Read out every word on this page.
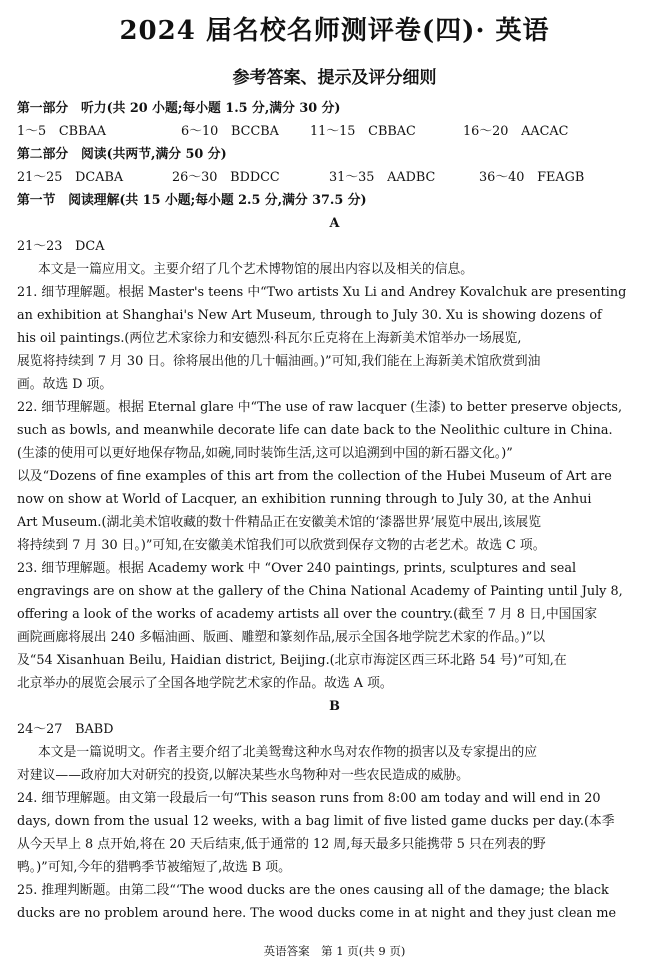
2024 届名校名师测评卷(四)· 英语
参考答案、提示及评分细则
第一部分　听力(共 20 小题;每小题 1.5 分,满分 30 分)
1～5　CBBAA	6～10　BCCBA 11～15　CBBAC	16～20　AACAC
第二部分　阅读(共两节,满分 50 分)
21～25　DCABA	26～30　BDDCC	31～35　AADBC	36～40　FEAGB
第一节　阅读理解(共 15 小题;每小题 2.5 分,满分 37.5 分)
A
21～23　DCA
本文是一篇应用文。主要介绍了几个艺术博物馆的展出内容以及相关的信息。
21. 细节理解题。根据 Master's teens 中“Two artists Xu Li and Andrey Kovalchuk are presenting
an exhibition at Shanghai's New Art Museum, through to July 30. Xu is showing dozens of
his oil paintings.(两位艺术家徐力和安德烈·科瓦尔丘克将在上海新美术馆举办一场展览,
展览将持续到 7 月 30 日。徐将展出他的几十幅油画。)”可知,我们能在上海新美术馆欣赏到油
画。故选 D 项。
22. 细节理解题。根据 Eternal glare 中“The use of raw lacquer (生漆) to better preserve objects,
such as bowls, and meanwhile decorate life can date back to the Neolithic culture in China.
(生漆的使用可以更好地保存物品,如碗,同时装饰生活,这可以追溯到中国的新石器文化。)”
以及“Dozens of fine examples of this art from the collection of the Hubei Museum of Art are
now on show at World of Lacquer, an exhibition running through to July 30, at the Anhui
Art Museum.(湖北美术馆收藏的数十件精品正在安徽美术馆的‘漆器世界’展览中展出,该展览
将持续到 7 月 30 日。)”可知,在安徽美术馆我们可以欣赏到保存文物的古老艺术。故选 C 项。
23. 细节理解题。根据 Academy work 中 “Over 240 paintings, prints, sculptures and seal
engravings are on show at the gallery of the China National Academy of Painting until July 8,
offering a look of the works of academy artists all over the country.(截至 7 月 8 日,中国国家
画院画廊将展出 240 多幅油画、版画、雕塑和篆刻作品,展示全国各地学院艺术家的作品。)”以
及“54 Xisanhuan Beilu, Haidian district, Beijing.(北京市海淀区西三环北路 54 号)”可知,在
北京举办的展览会展示了全国各地学院艺术家的作品。故选 A 项。
B
24～27　BABD
本文是一篇说明文。作者主要介绍了北美鸳鸯这种水鸟对农作物的损害以及专家提出的应
对建议——政府加大对研究的投资,以解决某些水鸟物种对一些农民造成的威胁。
24. 细节理解题。由文第一段最后一句“This season runs from 8:00 am today and will end in 20
days, down from the usual 12 weeks, with a bag limit of five listed game ducks per day.(本季
从今天早上 8 点开始,将在 20 天后结束,低于通常的 12 周,每天最多只能携带 5 只在列表的野
鸭。)”可知,今年的猎鸭季节被缩短了,故选 B 项。
25. 推理判断题。由第二段“‘The wood ducks are the ones causing all of the damage; the black
ducks are no problem around here. The wood ducks come in at night and they just clean me
英语答案　第 1 页(共 9 页)
